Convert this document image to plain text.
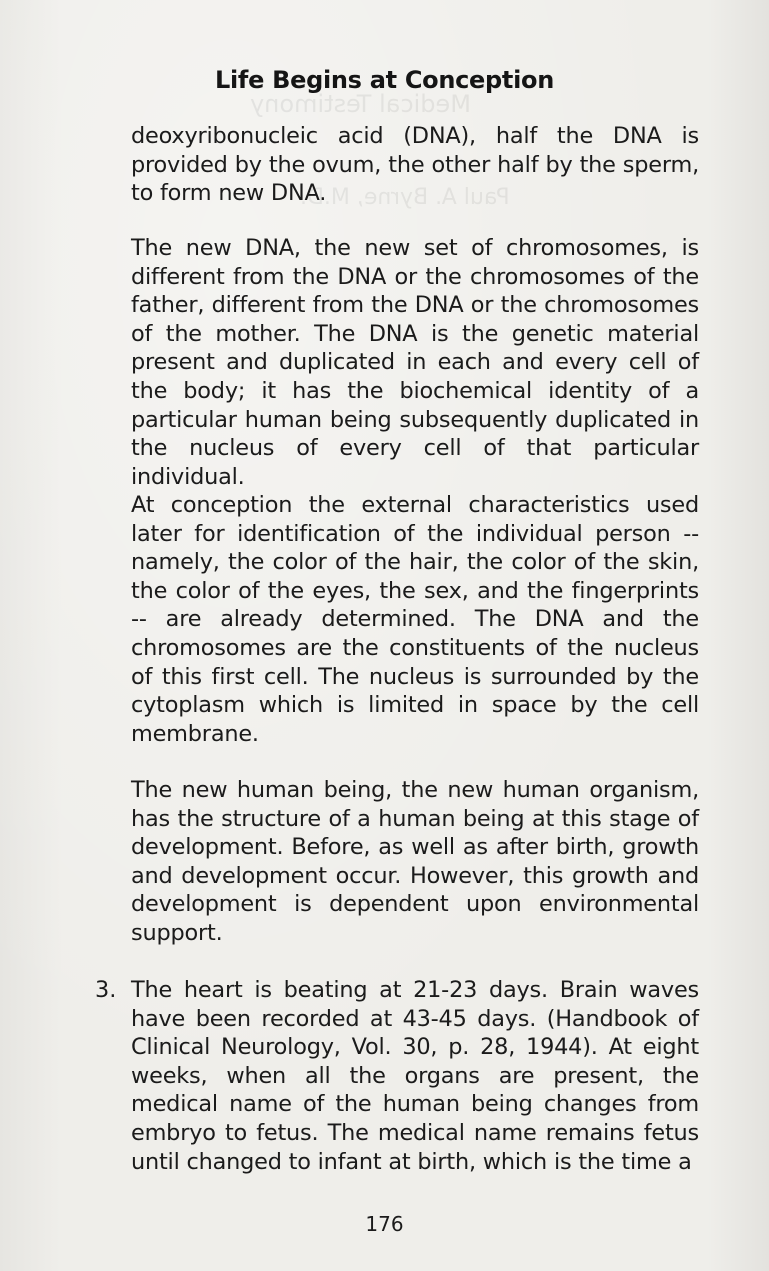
Medical Testimony
Paul A. Byrne, M.D.
Life Begins at Conception

deoxyribonucleic acid (DNA), half the DNA is provided by the ovum, the other half by the sperm, to form new DNA.

The new DNA, the new set of chromosomes, is different from the DNA or the chromosomes of the father, different from the DNA or the chromosomes of the mother. The DNA is the genetic material present and duplicated in each and every cell of the body; it has the biochemical identity of a particular human being subsequently duplicated in the nucleus of every cell of that particular individual.

At conception the external characteristics used later for identification of the individual person -- namely, the color of the hair, the color of the skin, the color of the eyes, the sex, and the fingerprints -- are already determined. The DNA and the chromosomes are the constituents of the nucleus of this first cell. The nucleus is surrounded by the cytoplasm which is limited in space by the cell membrane.

The new human being, the new human organism, has the structure of a human being at this stage of development. Before, as well as after birth, growth and development occur. However, this growth and development is dependent upon environmental support.

3. The heart is beating at 21-23 days. Brain waves have been recorded at 43-45 days. (Handbook of Clinical Neurology, Vol. 30, p. 28, 1944). At eight weeks, when all the organs are present, the medical name of the human being changes from embryo to fetus. The medical name remains fetus until changed to infant at birth, which is the time a

176
